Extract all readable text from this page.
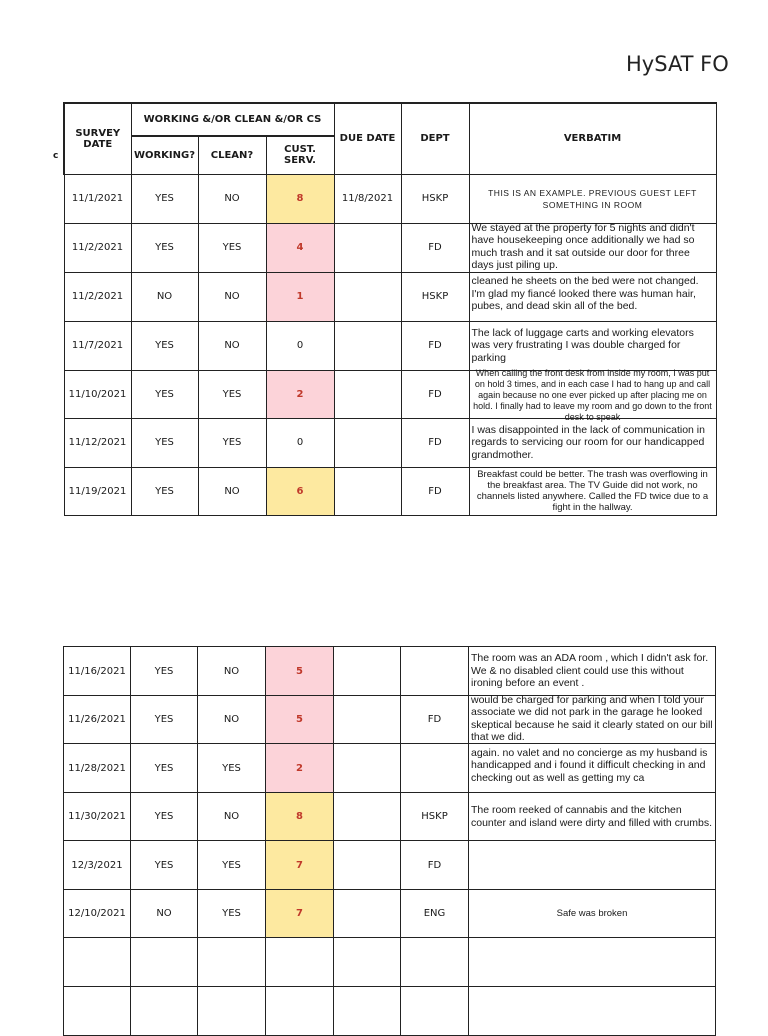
HySAT FO
c
SURVEY DATE	WORKING &/OR CLEAN &/OR CS			DUE DATE	DEPT	VERBATIM
	WORKING?	CLEAN?	CUST. SERV.			
11/1/2021	YES	NO	8	11/8/2021	HSKP	THIS IS AN EXAMPLE. PREVIOUS GUEST LEFT SOMETHING IN ROOM

11/2/2021	YES	YES	4		FD	We stayed at the property for 5 nights and didn't have housekeeping once additionally we had so much trash and it sat outside our door for three days just piling up.

11/2/2021	NO	NO	1		HSKP	cleaned he sheets on the bed were not changed. I'm glad my fiancé looked there was human hair, pubes, and dead skin all of the bed.

11/7/2021	YES	NO	0		FD	The lack of luggage carts and working elevators was very frustrating I was double charged for parking

11/10/2021	YES	YES	2		FD	When calling the front desk from inside my room, I was put on hold 3 times, and in each case I had to hang up and call again because no one ever picked up after placing me on hold. I finally had to leave my room and go down to the front desk to speak

11/12/2021	YES	YES	0		FD	I was disappointed in the lack of communication in regards to servicing our room for our handicapped grandmother.

11/19/2021	YES	NO	6		FD	Breakfast could be better. The trash was overflowing in the breakfast area. The TV Guide did not work, no channels listed anywhere. Called the FD twice due to a fight in the hallway.
11/16/2021	YES	NO	5			The room was an ADA room , which I didn't ask for. We & no disabled client could use this without ironing before an event .

11/26/2021	YES	NO	5		FD	would be charged for parking and when I told your associate we did not park in the garage he looked skeptical because he said it clearly stated on our bill that we did.

11/28/2021	YES	YES	2			again. no valet and no concierge as my husband is handicapped and i found it difficult checking in and checking out as well as getting my ca

11/30/2021	YES	NO	8		HSKP	The room reeked of cannabis and the kitchen counter and island were dirty and filled with crumbs.

12/3/2021	YES	YES	7		FD	

12/10/2021	NO	YES	7		ENG	Safe was broken
